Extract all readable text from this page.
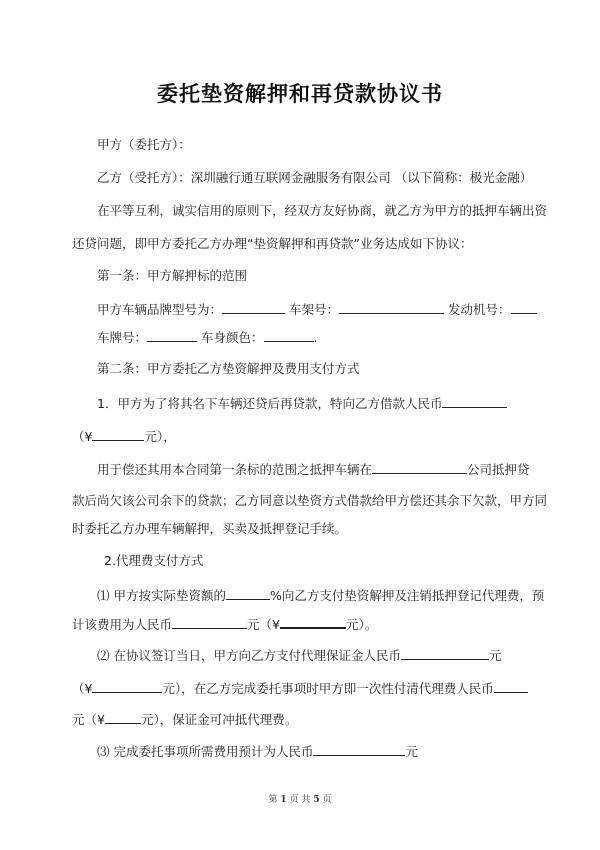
委托垫资解押和再贷款协议书
甲方（委托方）：
乙方（受托方）：深圳融行通互联网金融服务有限公司 （以下简称：极光金融）
在平等互利，诚实信用的原则下，经双方友好协商，就乙方为甲方的抵押车辆出资
还贷问题，即甲方委托乙方办理“垫资解押和再贷款”业务达成如下协议：
第一条：甲方解押标的范围
甲方车辆品牌型号为：	车架号：	发动机号：
车牌号：	车身颜色：	.
第二条：甲方委托乙方垫资解押及费用支付方式
1．甲方为了将其名下车辆还贷后再贷款，特向乙方借款人民币
（¥	元），
用于偿还其用本合同第一条标的范围之抵押车辆在	公司抵押贷
款后尚欠该公司余下的贷款；乙方同意以垫资方式借款给甲方偿还其余下欠款，甲方同
时委托乙方办理车辆解押，买卖及抵押登记手续。
2.代理费支付方式
⑴ 甲方按实际垫资额的	%向乙方支付垫资解押及注销抵押登记代理费，预
计该费用为人民币	元（¥	元）。
⑵ 在协议签订当日，甲方向乙方支付代理保证金人民币	元
（¥	元），在乙方完成委托事项时甲方即一次性付清代理费人民币
元（¥	元），保证金可冲抵代理费。
⑶ 完成委托事项所需费用预计为人民币	元
第 1 页 共 5 页
